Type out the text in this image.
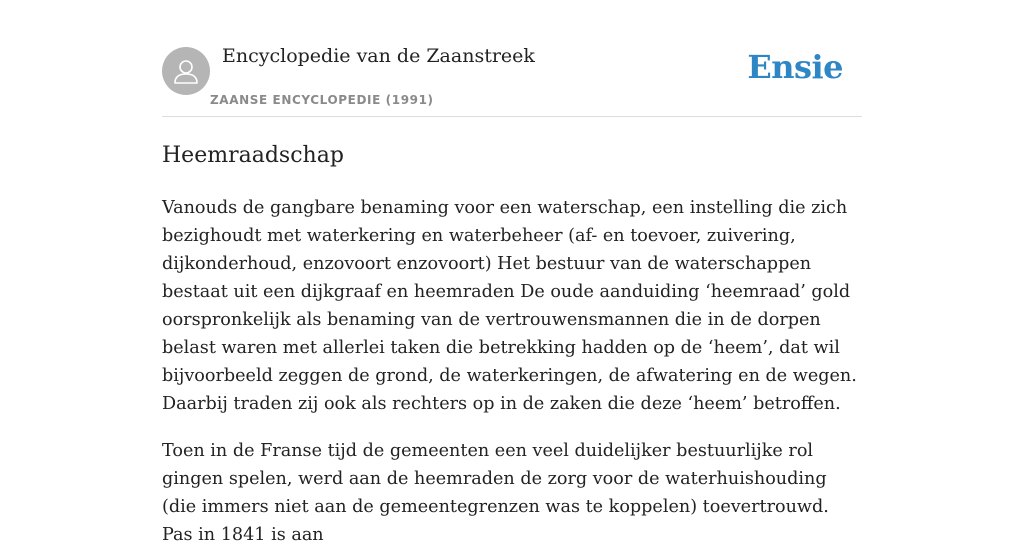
Encyclopedie van de Zaanstreek
ZAANSE ENCYCLOPEDIE (1991)
Ensie
Heemraadschap

Vanouds de gangbare benaming voor een waterschap, een instelling die zich bezighoudt met waterkering en waterbeheer (af- en toevoer, zuivering, dijkonderhoud, enzovoort enzovoort) Het bestuur van de waterschappen bestaat uit een dijkgraaf en heemraden De oude aanduiding ‘heemraad’ gold oorspronkelijk als benaming van de vertrouwensmannen die in de dorpen belast waren met allerlei taken die betrekking hadden op de ‘heem’, dat wil bijvoorbeeld zeggen de grond, de waterkeringen, de afwatering en de wegen. Daarbij traden zij ook als rechters op in de zaken die deze ‘heem’ betroffen.

Toen in de Franse tijd de gemeenten een veel duidelijker bestuurlijke rol gingen spelen, werd aan de heemraden de zorg voor de waterhuishouding (die immers niet aan de gemeentegrenzen was te koppelen) toevertrouwd. Pas in 1841 is aan
